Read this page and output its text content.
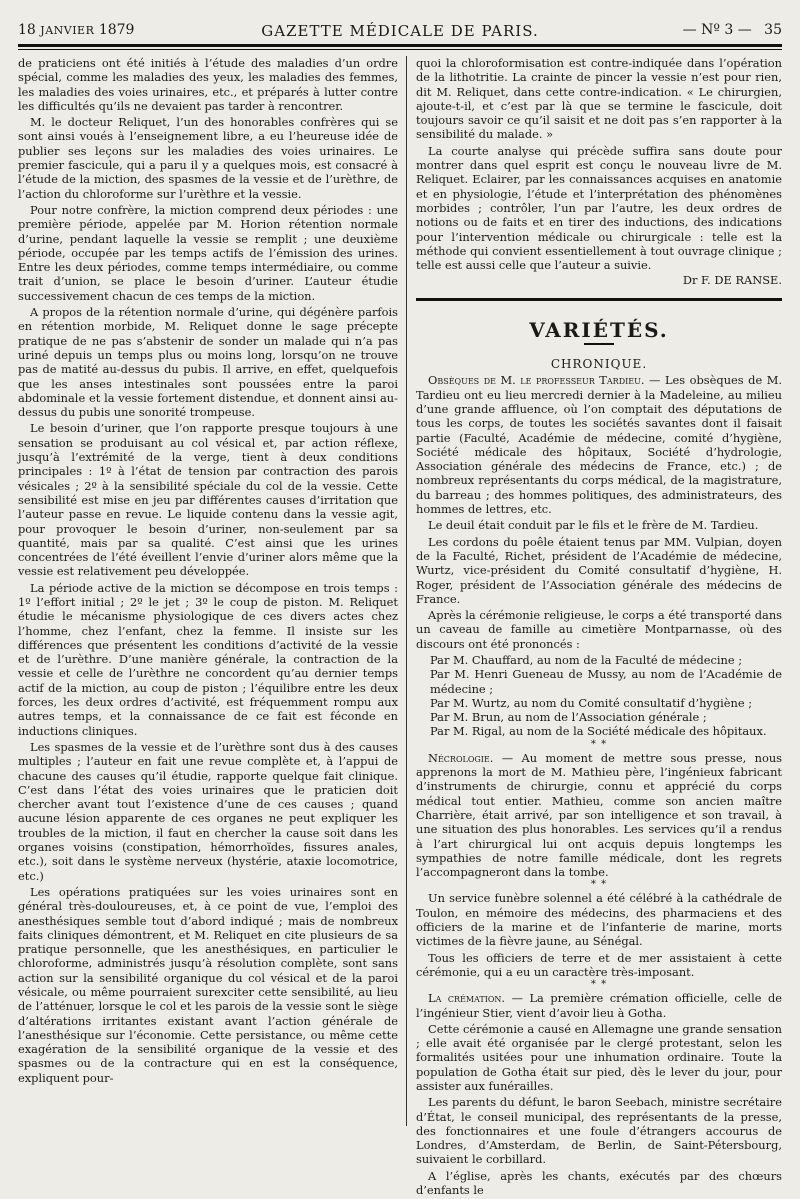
18 JANVIER 1879	GAZETTE MÉDICALE DE PARIS.	— Nº 3 — 35

de praticiens ont été initiés à l’étude des maladies d’un ordre spécial, comme les maladies des yeux, les maladies des femmes, les maladies des voies urinaires, etc., et préparés à lutter contre les difficultés qu’ils ne devaient pas tarder à rencontrer.

M. le docteur Reliquet, l’un des honorables confrères qui se sont ainsi voués à l’enseignement libre, a eu l’heureuse idée de publier ses leçons sur les maladies des voies urinaires. Le premier fascicule, qui a paru il y a quelques mois, est consacré à l’étude de la miction, des spasmes de la vessie et de l’urèthre, de l’action du chloroforme sur l’urèthre et la vessie.

Pour notre confrère, la miction comprend deux périodes : une première période, appelée par M. Horion rétention normale d’urine, pendant laquelle la vessie se remplit ; une deuxième période, occupée par les temps actifs de l’émission des urines. Entre les deux périodes, comme temps intermédiaire, ou comme trait d’union, se place le besoin d’uriner. L’auteur étudie successivement chacun de ces temps de la miction.

A propos de la rétention normale d’urine, qui dégénère parfois en rétention morbide, M. Reliquet donne le sage précepte pratique de ne pas s’abstenir de sonder un malade qui n’a pas uriné depuis un temps plus ou moins long, lorsqu’on ne trouve pas de matité au-dessus du pubis. Il arrive, en effet, quelquefois que les anses intestinales sont poussées entre la paroi abdominale et la vessie fortement distendue, et donnent ainsi au-dessus du pubis une sonorité trompeuse.

Le besoin d’uriner, que l’on rapporte presque toujours à une sensation se produisant au col vésical et, par action réflexe, jusqu’à l’extrémité de la verge, tient à deux conditions principales : 1º à l’état de tension par contraction des parois vésicales ; 2º à la sensibilité spéciale du col de la vessie. Cette sensibilité est mise en jeu par différentes causes d’irritation que l’auteur passe en revue. Le liquide contenu dans la vessie agit, pour provoquer le besoin d’uriner, non-seulement par sa quantité, mais par sa qualité. C’est ainsi que les urines concentrées de l’été éveillent l’envie d’uriner alors même que la vessie est relativement peu développée.

La période active de la miction se décompose en trois temps : 1º l’effort initial ; 2º le jet ; 3º le coup de piston. M. Reliquet étudie le mécanisme physiologique de ces divers actes chez l’homme, chez l’enfant, chez la femme. Il insiste sur les différences que présentent les conditions d’activité de la vessie et de l’urèthre. D’une manière générale, la contraction de la vessie et celle de l’urèthre ne concordent qu’au dernier temps actif de la miction, au coup de piston ; l’équilibre entre les deux forces, les deux ordres d’activité, est fréquemment rompu aux autres temps, et la connaissance de ce fait est féconde en inductions cliniques.

Les spasmes de la vessie et de l’urèthre sont dus à des causes multiples ; l’auteur en fait une revue complète et, à l’appui de chacune des causes qu’il étudie, rapporte quelque fait clinique. C’est dans l’état des voies urinaires que le praticien doit chercher avant tout l’existence d’une de ces causes ; quand aucune lésion apparente de ces organes ne peut expliquer les troubles de la miction, il faut en chercher la cause soit dans les organes voisins (constipation, hémorrhoïdes, fissures anales, etc.), soit dans le système nerveux (hystérie, ataxie locomotrice, etc.)

Les opérations pratiquées sur les voies urinaires sont en général très-douloureuses, et, à ce point de vue, l’emploi des anesthésiques semble tout d’abord indiqué ; mais de nombreux faits cliniques démontrent, et M. Reliquet en cite plusieurs de sa pratique personnelle, que les anesthésiques, en particulier le chloroforme, administrés jusqu’à résolution complète, sont sans action sur la sensibilité organique du col vésical et de la paroi vésicale, ou même pourraient surexciter cette sensibilité, au lieu de l’atténuer, lorsque le col et les parois de la vessie sont le siège d’altérations irritantes existant avant l’action générale de l’anesthésique sur l’économie. Cette persistance, ou même cette exagération de la sensibilité organique de la vessie et des spasmes ou de la contracture qui en est la conséquence, expliquent pour-

quoi la chloroformisation est contre-indiquée dans l’opération de la lithotritie. La crainte de pincer la vessie n’est pour rien, dit M. Reliquet, dans cette contre-indication. « Le chirurgien, ajoute-t-il, et c’est par là que se termine le fascicule, doit toujours savoir ce qu’il saisit et ne doit pas s’en rapporter à la sensibilité du malade. »

La courte analyse qui précède suffira sans doute pour montrer dans quel esprit est conçu le nouveau livre de M. Reliquet. Eclairer, par les connaissances acquises en anatomie et en physiologie, l’étude et l’interprétation des phénomènes morbides ; contrôler, l’un par l’autre, les deux ordres de notions ou de faits et en tirer des inductions, des indications pour l’intervention médicale ou chirurgicale : telle est la méthode qui convient essentiellement à tout ouvrage clinique ; telle est aussi celle que l’auteur a suivie.

Dr F. DE RANSE.

VARIÉTÉS.
CHRONIQUE.

Obsèques de M. le professeur Tardieu. — Les obsèques de M. Tardieu ont eu lieu mercredi dernier à la Madeleine, au milieu d’une grande affluence, où l’on comptait des députations de tous les corps, de toutes les sociétés savantes dont il faisait partie (Faculté, Académie de médecine, comité d’hygiène, Société médicale des hôpitaux, Société d’hydrologie, Association générale des médecins de France, etc.) ; de nombreux représentants du corps médical, de la magistrature, du barreau ; des hommes politiques, des administrateurs, des hommes de lettres, etc.

Le deuil était conduit par le fils et le frère de M. Tardieu.

Les cordons du poêle étaient tenus par MM. Vulpian, doyen de la Faculté, Richet, président de l’Académie de médecine, Wurtz, vice-président du Comité consultatif d’hygiène, H. Roger, président de l’Association générale des médecins de France.

Après la cérémonie religieuse, le corps a été transporté dans un caveau de famille au cimetière Montparnasse, où des discours ont été prononcés :

Par M. Chauffard, au nom de la Faculté de médecine ;
Par M. Henri Gueneau de Mussy, au nom de l’Académie de médecine ;
Par M. Wurtz, au nom du Comité consultatif d’hygiène ;
Par M. Brun, au nom de l’Association générale ;
Par M. Rigal, au nom de la Société médicale des hôpitaux.
* *

Nécrologie. — Au moment de mettre sous presse, nous apprenons la mort de M. Mathieu père, l’ingénieux fabricant d’instruments de chirurgie, connu et apprécié du corps médical tout entier. Mathieu, comme son ancien maître Charrière, était arrivé, par son intelligence et son travail, à une situation des plus honorables. Les services qu’il a rendus à l’art chirurgical lui ont acquis depuis longtemps les sympathies de notre famille médicale, dont les regrets l’accompagneront dans la tombe.

* *

Un service funèbre solennel a été célébré à la cathédrale de Toulon, en mémoire des médecins, des pharmaciens et des officiers de la marine et de l’infanterie de marine, morts victimes de la fièvre jaune, au Sénégal.

Tous les officiers de terre et de mer assistaient à cette cérémonie, qui a eu un caractère très-imposant.

* *

La crémation. — La première crémation officielle, celle de l’ingénieur Stier, vient d’avoir lieu à Gotha.

Cette cérémonie a causé en Allemagne une grande sensation ; elle avait été organisée par le clergé protestant, selon les formalités usitées pour une inhumation ordinaire. Toute la population de Gotha était sur pied, dès le lever du jour, pour assister aux funérailles.

Les parents du défunt, le baron Seebach, ministre secrétaire d’État, le conseil municipal, des représentants de la presse, des fonctionnaires et une foule d’étrangers accourus de Londres, d’Amsterdam, de Berlin, de Saint-Pétersbourg, suivaient le corbillard.

A l’église, après les chants, exécutés par des chœurs d’enfants le
